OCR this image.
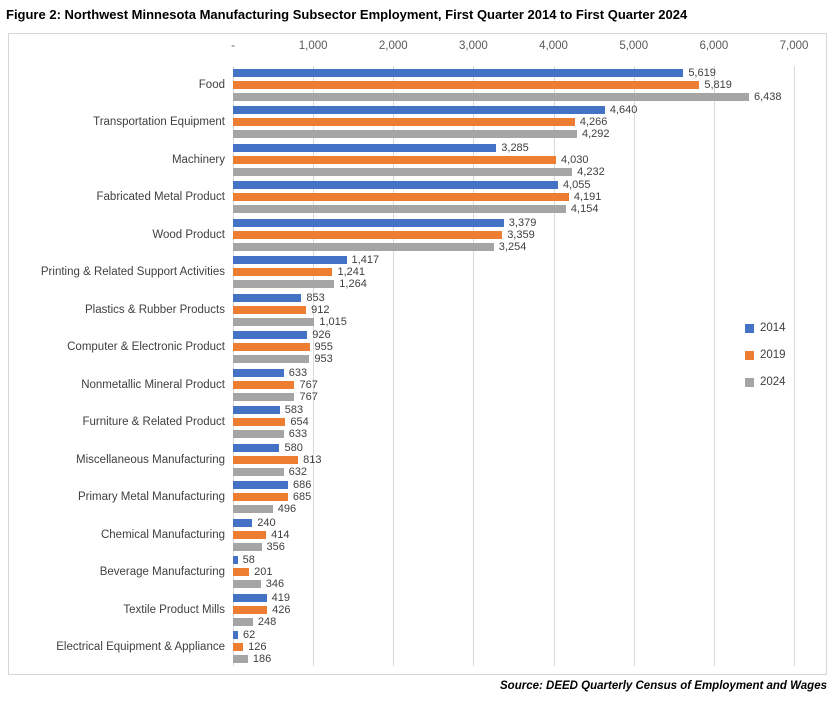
Figure 2: Northwest Minnesota Manufacturing Subsector Employment, First Quarter 2014 to First Quarter 2024
-	1,000	2,000	3,000	4,000	5,000	6,000	7,000
Food
5,619
5,819
6,438
Transportation Equipment
4,640
4,266
4,292
Machinery
3,285
4,030
4,232
Fabricated Metal Product
4,055
4,191
4,154
Wood Product
3,379
3,359
3,254
Printing & Related Support Activities
1,417
1,241
1,264
Plastics & Rubber Products
853
912
1,015
Computer & Electronic Product
926
955
953
Nonmetallic Mineral Product
633
767
767
Furniture & Related Product
583
654
633
Miscellaneous Manufacturing
580
813
632
Primary Metal Manufacturing
686
685
496
Chemical Manufacturing
240
414
356
Beverage Manufacturing
58
201
346
Textile Product Mills
419
426
248
Electrical Equipment & Appliance
62
126
186
2014
2019
2024
Source: DEED Quarterly Census of Employment and Wages
